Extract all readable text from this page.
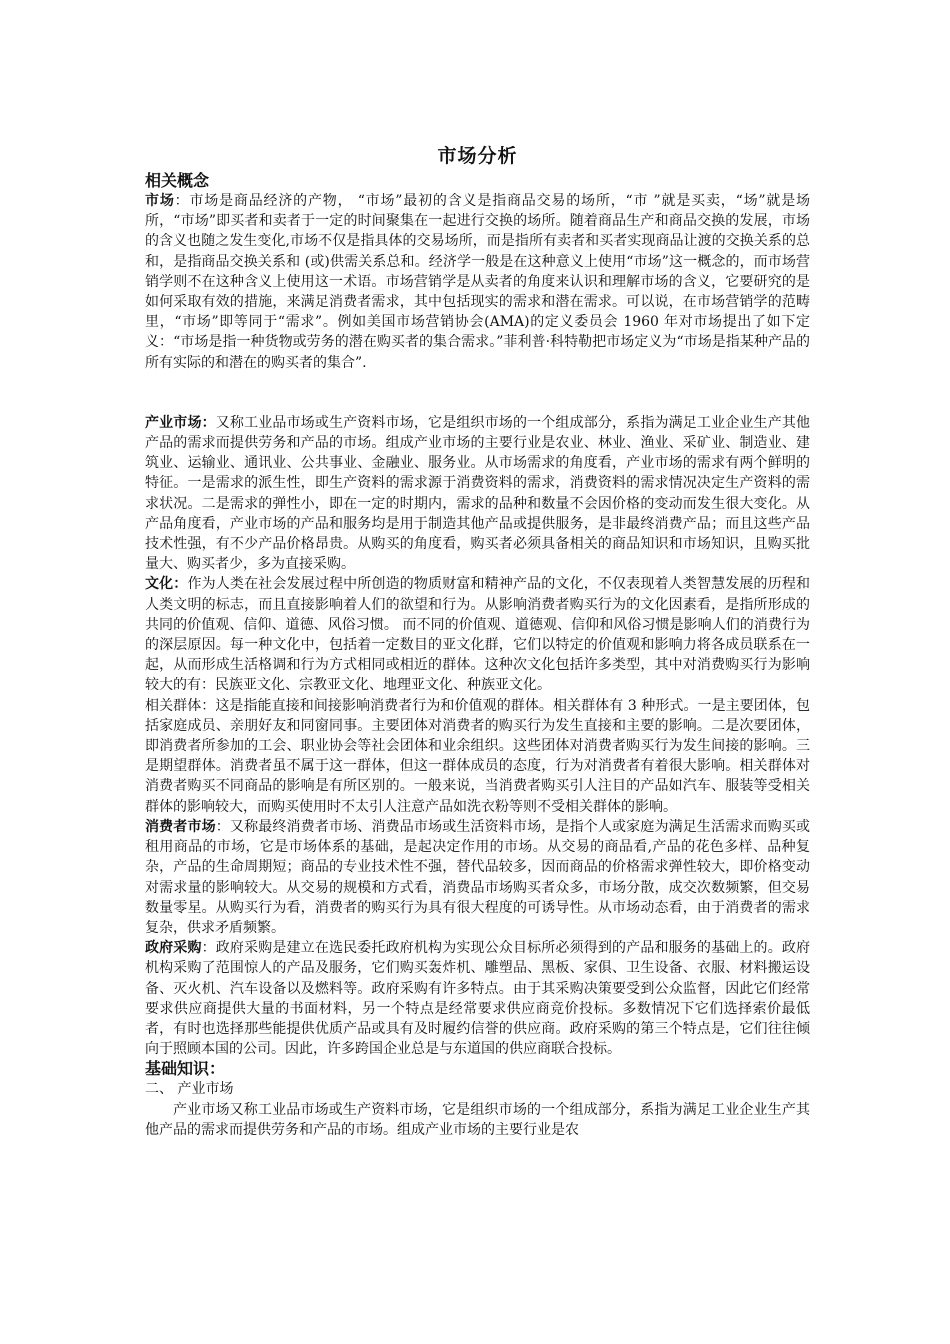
市场分析
相关概念

市场：市场是商品经济的产物， “市场”最初的含义是指商品交易的场所，“市 ”就是买卖，“场”就是场所，“市场”即买者和卖者于一定的时间聚集在一起进行交换的场所。随着商品生产和商品交换的发展，市场的含义也随之发生变化,市场不仅是指具体的交易场所，而是指所有卖者和买者实现商品让渡的交换关系的总和，是指商品交换关系和 (或)供需关系总和。经济学一般是在这种意义上使用“市场”这一概念的，而市场营销学则不在这种含义上使用这一术语。市场营销学是从卖者的角度来认识和理解市场的含义，它要研究的是如何采取有效的措施，来满足消费者需求，其中包括现实的需求和潜在需求。可以说，在市场营销学的范畴里，“市场”即等同于“需求”。例如美国市场营销协会(AMA)的定义委员会 1960 年对市场提出了如下定义：“市场是指一种货物或劳务的潜在购买者的集合需求。”菲利普·科特勒把市场定义为“市场是指某种产品的所有实际的和潜在的购买者的集合”.

产业市场：又称工业品市场或生产资料市场，它是组织市场的一个组成部分，系指为满足工业企业生产其他产品的需求而提供劳务和产品的市场。组成产业市场的主要行业是农业、林业、渔业、采矿业、制造业、建筑业、运输业、通讯业、公共事业、金融业、服务业。从市场需求的角度看，产业市场的需求有两个鲜明的特征。一是需求的派生性，即生产资料的需求源于消费资料的需求，消费资料的需求情况决定生产资料的需求状况。二是需求的弹性小，即在一定的时期内，需求的品种和数量不会因价格的变动而发生很大变化。从产品角度看，产业市场的产品和服务均是用于制造其他产品或提供服务，是非最终消费产品；而且这些产品技术性强，有不少产品价格昂贵。从购买的角度看，购买者必须具备相关的商品知识和市场知识，且购买批量大、购买者少，多为直接采购。

文化：作为人类在社会发展过程中所创造的物质财富和精神产品的文化，不仅表现着人类智慧发展的历程和人类文明的标志，而且直接影响着人们的欲望和行为。从影响消费者购买行为的文化因素看，是指所形成的共同的价值观、信仰、道德、风俗习惯。 而不同的价值观、道德观、信仰和风俗习惯是影响人们的消费行为的深层原因。每一种文化中，包括着一定数目的亚文化群，它们以特定的价值观和影响力将各成员联系在一起，从而形成生活格调和行为方式相同或相近的群体。这种次文化包括许多类型，其中对消费购买行为影响较大的有：民族亚文化、宗教亚文化、地理亚文化、种族亚文化。

相关群体：这是指能直接和间接影响消费者行为和价值观的群体。相关群体有 3 种形式。一是主要团体，包括家庭成员、亲朋好友和同窗同事。主要团体对消费者的购买行为发生直接和主要的影响。二是次要团体，即消费者所参加的工会、职业协会等社会团体和业余组织。这些团体对消费者购买行为发生间接的影响。三是期望群体。消费者虽不属于这一群体，但这一群体成员的态度，行为对消费者有着很大影响。相关群体对消费者购买不同商品的影响是有所区别的。一般来说，当消费者购买引人注目的产品如汽车、服装等受相关群体的影响较大，而购买使用时不太引人注意产品如洗衣粉等则不受相关群体的影响。

消费者市场：又称最终消费者市场、消费品市场或生活资料市场，是指个人或家庭为满足生活需求而购买或租用商品的市场，它是市场体系的基础，是起决定作用的市场。从交易的商品看,产品的花色多样、品种复杂，产品的生命周期短；商品的专业技术性不强，替代品较多，因而商品的价格需求弹性较大，即价格变动对需求量的影响较大。从交易的规模和方式看，消费品市场购买者众多，市场分散，成交次数频繁，但交易数量零星。从购买行为看，消费者的购买行为具有很大程度的可诱导性。从市场动态看，由于消费者的需求复杂，供求矛盾频繁。

政府采购：政府采购是建立在选民委托政府机构为实现公众目标所必须得到的产品和服务的基础上的。政府机构采购了范围惊人的产品及服务，它们购买轰炸机、雕塑品、黑板、家俱、卫生设备、衣服、材料搬运设备、灭火机、汽车设备以及燃料等。政府采购有许多特点。由于其采购决策要受到公众监督，因此它们经常要求供应商提供大量的书面材料，另一个特点是经常要求供应商竞价投标。多数情况下它们选择索价最低者，有时也选择那些能提供优质产品或具有及时履约信誉的供应商。政府采购的第三个特点是，它们往往倾向于照顾本国的公司。因此，许多跨国企业总是与东道国的供应商联合投标。

基础知识：

二、 产业市场

产业市场又称工业品市场或生产资料市场，它是组织市场的一个组成部分，系指为满足工业企业生产其他产品的需求而提供劳务和产品的市场。组成产业市场的主要行业是农
